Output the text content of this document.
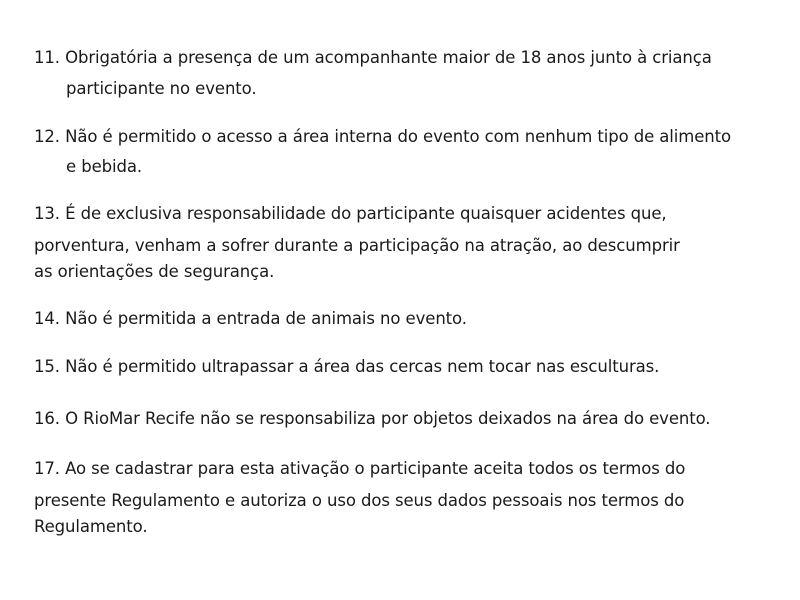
11. Obrigatória a presença de um acompanhante maior de 18 anos junto à criança
participante no evento.
12. Não é permitido o acesso a área interna do evento com nenhum tipo de alimento
e bebida.
13. É de exclusiva responsabilidade do participante quaisquer acidentes que,
porventura, venham a sofrer durante a participação na atração, ao descumprir
as orientações de segurança.
14. Não é permitida a entrada de animais no evento.
15. Não é permitido ultrapassar a área das cercas nem tocar nas esculturas.
16. O RioMar Recife não se responsabiliza por objetos deixados na área do evento.
17. Ao se cadastrar para esta ativação o participante aceita todos os termos do
presente Regulamento e autoriza o uso dos seus dados pessoais nos termos do
Regulamento.
